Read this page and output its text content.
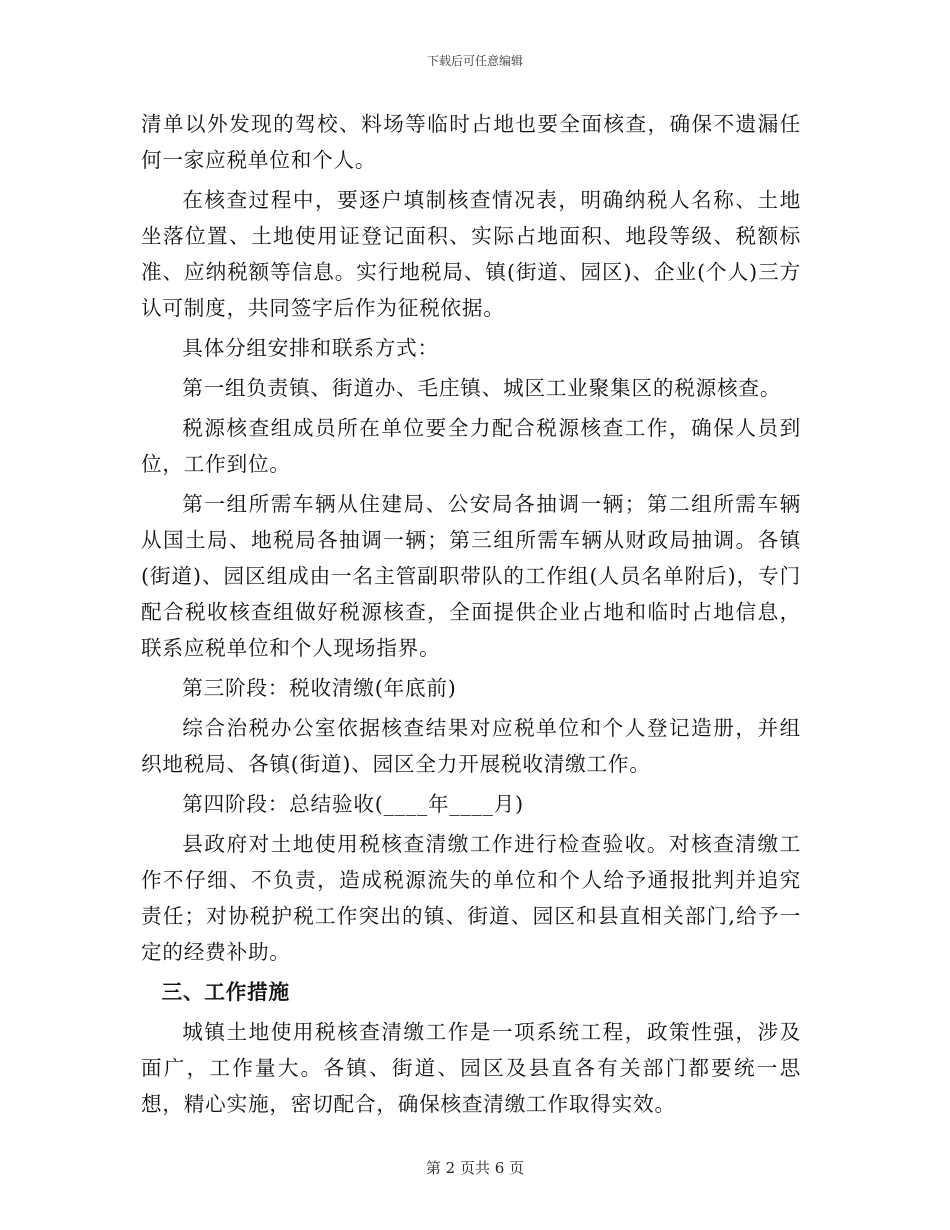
下载后可任意编辑

清单以外发现的驾校、料场等临时占地也要全面核查，确保不遗漏任何一家应税单位和个人。

在核查过程中，要逐户填制核查情况表，明确纳税人名称、土地坐落位置、土地使用证登记面积、实际占地面积、地段等级、税额标准、应纳税额等信息。实行地税局、镇(街道、园区)、企业(个人)三方认可制度，共同签字后作为征税依据。

具体分组安排和联系方式：

第一组负责镇、街道办、毛庄镇、城区工业聚集区的税源核查。

税源核查组成员所在单位要全力配合税源核查工作，确保人员到位，工作到位。

第一组所需车辆从住建局、公安局各抽调一辆；第二组所需车辆从国土局、地税局各抽调一辆；第三组所需车辆从财政局抽调。各镇(街道)、园区组成由一名主管副职带队的工作组(人员名单附后)，专门配合税收核查组做好税源核查，全面提供企业占地和临时占地信息，联系应税单位和个人现场指界。

第三阶段：税收清缴(年底前)

综合治税办公室依据核查结果对应税单位和个人登记造册，并组织地税局、各镇(街道)、园区全力开展税收清缴工作。

第四阶段：总结验收(____年____月)

县政府对土地使用税核查清缴工作进行检查验收。对核查清缴工作不仔细、不负责，造成税源流失的单位和个人给予通报批判并追究责任；对协税护税工作突出的镇、街道、园区和县直相关部门,给予一定的经费补助。

三、工作措施

城镇土地使用税核查清缴工作是一项系统工程，政策性强，涉及面广，工作量大。各镇、街道、园区及县直各有关部门都要统一思想，精心实施，密切配合，确保核查清缴工作取得实效。

第 2 页共 6 页
